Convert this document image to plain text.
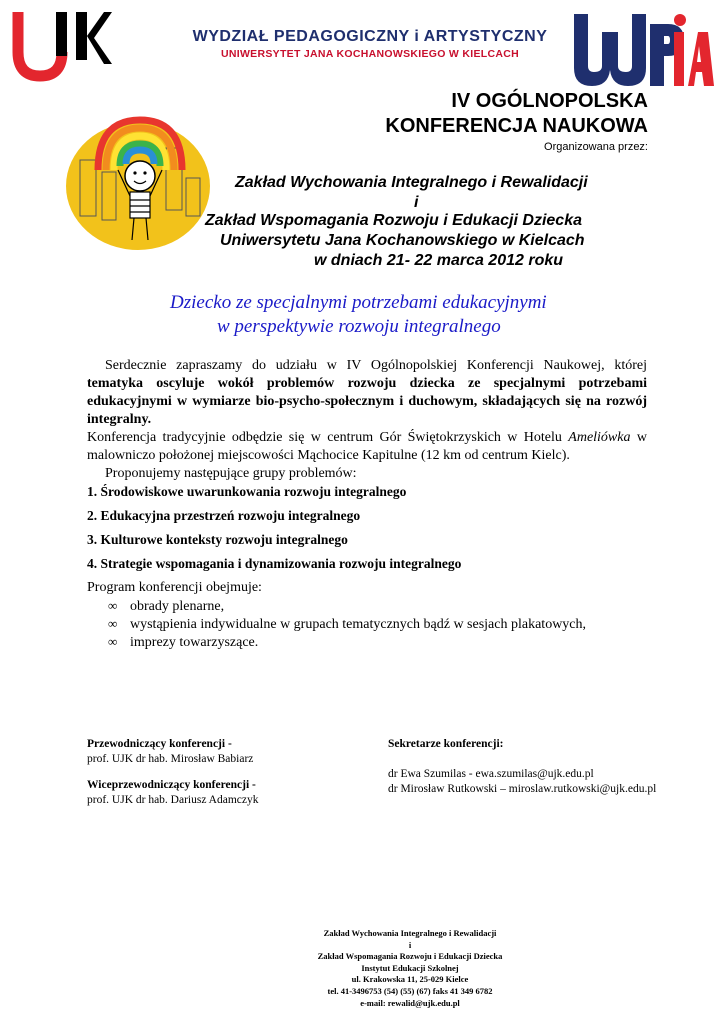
WYDZIAŁ PEDAGOGICZNY i ARTYSTYCZNY
UNIWERSYTET JANA KOCHANOWSKIEGO W KIELCACH
IV OGÓLNOPOLSKA
KONFERENCJA NAUKOWA
Organizowana przez:
Zakład Wychowania Integralnego i Rewalidacji
i
Zakład Wspomagania Rozwoju i Edukacji Dziecka
Uniwersytetu Jana Kochanowskiego w Kielcach
w dniach 21- 22 marca 2012 roku
Dziecko ze specjalnymi potrzebami edukacyjnymi
w perspektywie rozwoju integralnego

Serdecznie zapraszamy do udziału w IV Ogólnopolskiej Konferencji Naukowej, której tematyka oscyluje wokół problemów rozwoju dziecka ze specjalnymi potrzebami edukacyjnymi w wymiarze bio-psycho-społecznym i duchowym, składających się na rozwój integralny.

Konferencja tradycyjnie odbędzie się w centrum Gór Świętokrzyskich w Hotelu Ameliówka w malowniczo położonej miejscowości Mąchocice Kapitulne (12 km od centrum Kielc).

Proponujemy następujące grupy problemów:

1. Środowiskowe uwarunkowania rozwoju integralnego
2. Edukacyjna przestrzeń rozwoju integralnego
3. Kulturowe konteksty rozwoju integralnego
4. Strategie wspomagania i dynamizowania rozwoju integralnego
Program konferencji obejmuje:
∞ obrady plenarne,
∞ wystąpienia indywidualne w grupach tematycznych bądź w sesjach plakatowych,
∞ imprezy towarzyszące.
Przewodniczący konferencji -
prof. UJK dr hab. Mirosław Babiarz
Wiceprzewodniczący konferencji -
prof. UJK dr hab. Dariusz Adamczyk
Sekretarze konferencji:
dr Ewa Szumilas - ewa.szumilas@ujk.edu.pl
dr Mirosław Rutkowski – miroslaw.rutkowski@ujk.edu.pl
Zakład Wychowania Integralnego i Rewalidacji
i
Zakład Wspomagania Rozwoju i Edukacji Dziecka
Instytut Edukacji Szkolnej
ul. Krakowska 11, 25-029 Kielce
tel. 41-3496753 (54) (55) (67) faks 41 349 6782
e-mail: rewalid@ujk.edu.pl
